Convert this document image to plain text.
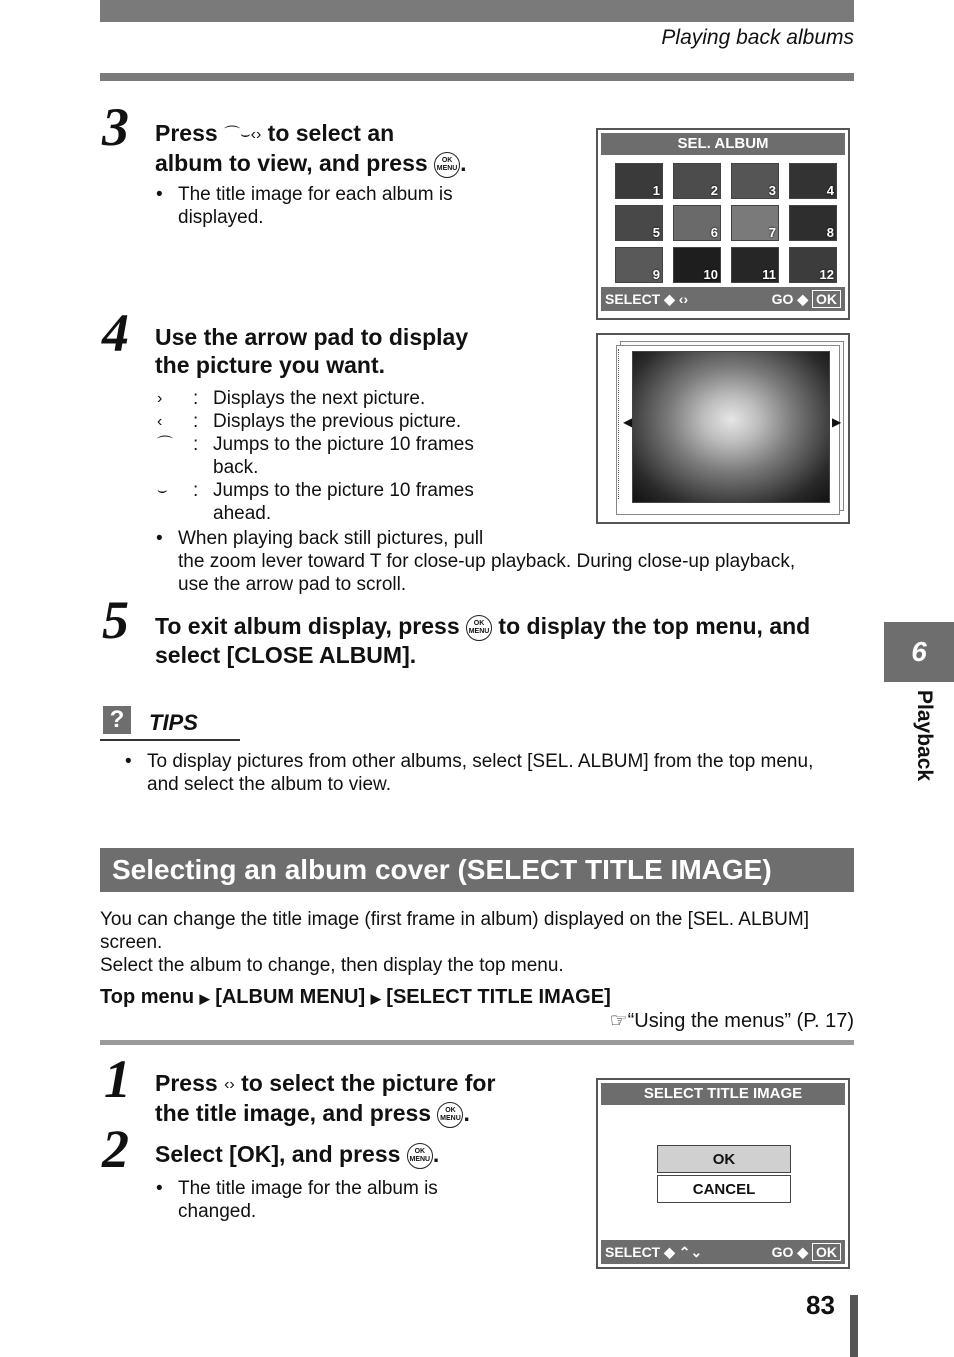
Playing back albums
3 Press ⌒⌣‹› to select an
album to view, and press OK
MENU .
• The title image for each album is displayed.
SEL. ALBUM
1	2	3	4
5	6	7	8
9	10	11	12
SELECT ◆ ‹›	GO ◆ OK
4 Use the arrow pad to display
the picture you want.
› : Displays the next picture.
‹ : Displays the previous picture.
⌒ : Jumps to the picture 10 frames
back.
⌣ : Jumps to the picture 10 frames
ahead.
• When playing back still pictures, pull
the zoom lever toward T for close-up playback. During close-up playback,
use the arrow pad to scroll.
◀	▶
5 To exit album display, press OK
MENU to display the top menu, and
select [CLOSE ALBUM].
?	TIPS
• To display pictures from other albums, select [SEL. ALBUM] from the top menu,
and select the album to view.
Selecting an album cover (SELECT TITLE IMAGE)
You can change the title image (first frame in album) displayed on the [SEL. ALBUM]
screen.
Select the album to change, then display the top menu.
Top menu ▶ [ALBUM MENU] ▶ [SELECT TITLE IMAGE]
☞“Using the menus” (P. 17)
1 Press ‹› to select the picture for
the title image, and press OK
MENU .
2 Select [OK], and press OK
MENU .
• The title image for the album is changed.
SELECT TITLE IMAGE
OK
CANCEL
SELECT ◆ ⌃⌄	GO ◆ OK
6
Playback
83
